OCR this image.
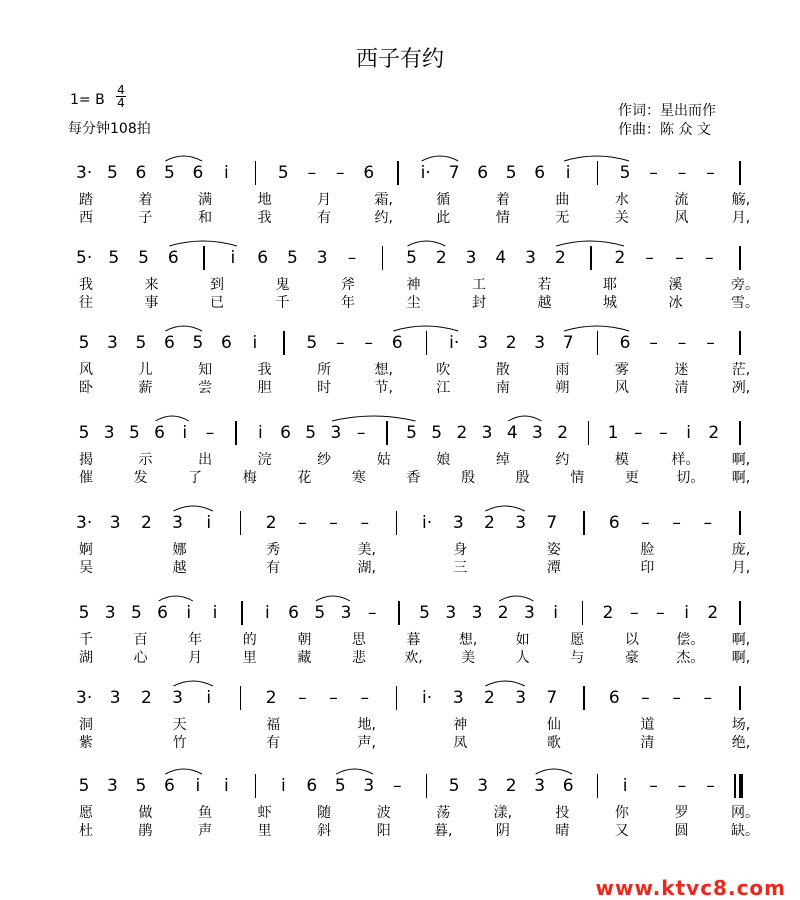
西子有约
1= B
4
4
每分钟108拍
作词：星出而作
作曲：陈 众 文
3· 5 6 5 6	i	5 – – 6	i· 7 6 5 6	i	5 – – –
踏	着	满	地	月	霜,	循	着	曲	水	流	觞,
西	子	和	我	有	约,	此	情	无	关	风	月,
5· 5 5 6	i	6 5 3 –	5 2 3 4 3 2	2 – – –
我	来	到	鬼	斧	神	工	若	耶	溪	旁。
往	事	已	千	年	尘	封	越	城	冰	雪。
5 3 5 6 5 6	i	5 – – 6	i· 3 2 3 7	6 – – –
风	儿	知	我	所	想,	吹	散	雨	雾	迷	茫,
卧	薪	尝	胆	时	节,	江	南	朔	风	清	冽,
5 3 5 6	i	–	i	6 5 3 – 5 5 2 3 4 3 2 1 – –	i	2
揭	示	出	浣	纱	姑	娘	绰	约	模	样。 啊,
催	发	了	梅	花	寒	香	殷	殷	情	更	切。 啊,
3· 3 2 3	i	2 – – –	i· 3 2 3 7	6 – – –
婀	娜	秀	美,	身	姿	脸	庞,
吴	越	有	湖,	三	潭	印	月,
5 3 5 6	i	i	i	6 5 3 –	5 3 3 2 3	i	2 – –	i	2
千	百	年	的	朝	思	暮	想,	如	愿	以	偿。 啊,
湖	心	月	里	藏	悲	欢,	美	人	与	豪	杰。 啊,
3· 3 2 3	i	2 – – –	i· 3 2 3 7	6 – – –
洞	天	福	地,	神	仙	道	场,
紫	竹	有	声,	凤	歌	清	绝,
5 3 5 6	i	i	i	6 5 3 –	5 3 2 3 6	i	– – –
愿	做	鱼	虾	随	波	荡	漾,	投	你	罗	网。
杜	鹃	声	里	斜	阳	暮,	阴	晴	又	圆	缺。
www.ktvc8.com
